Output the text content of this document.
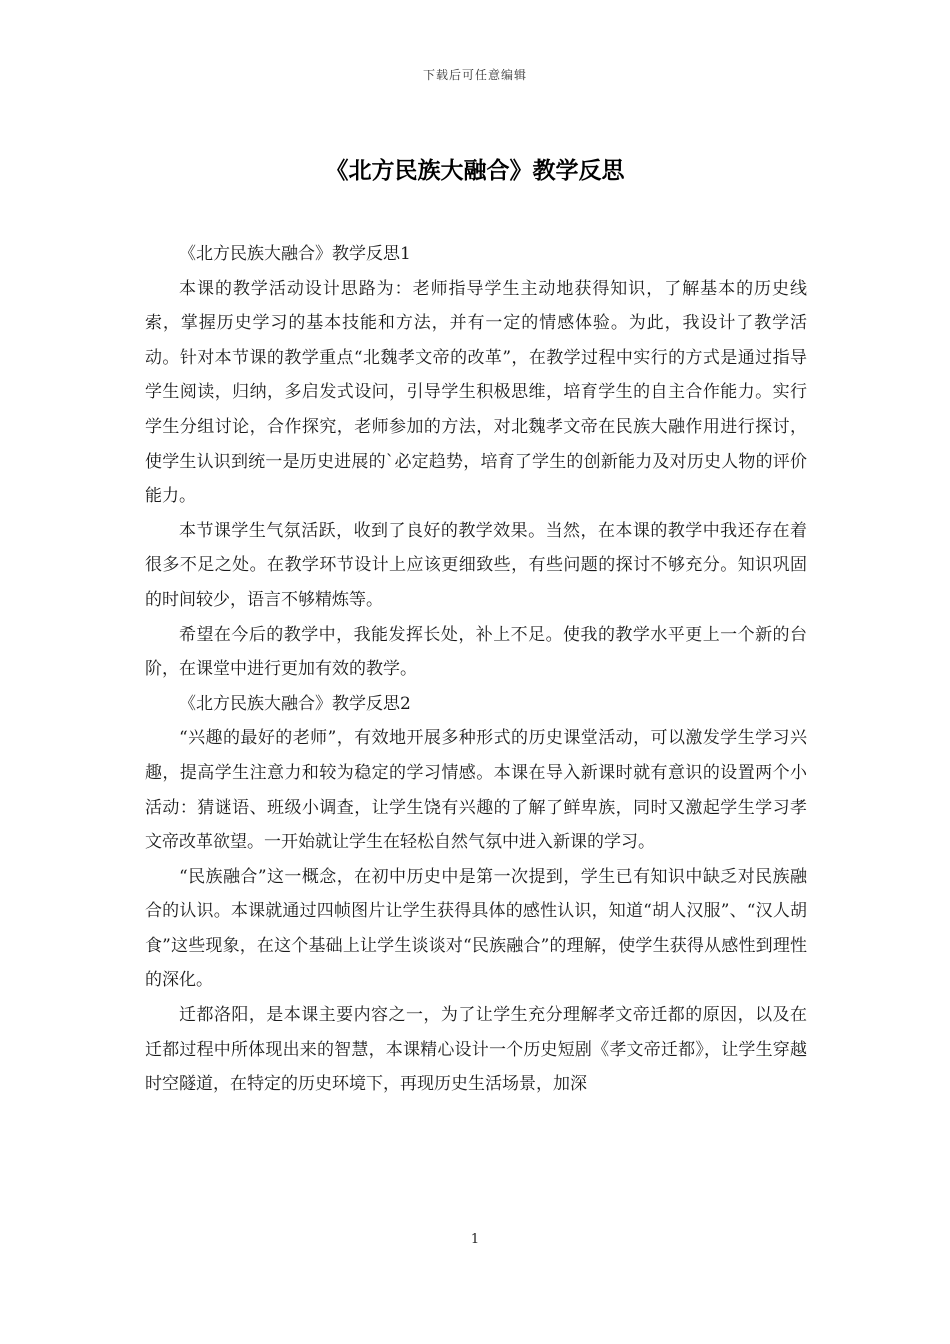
下载后可任意编辑
《北方民族大融合》教学反思

《北方民族大融合》教学反思1

本课的教学活动设计思路为：老师指导学生主动地获得知识，了解基本的历史线索，掌握历史学习的基本技能和方法，并有一定的情感体验。为此，我设计了教学活动。针对本节课的教学重点“北魏孝文帝的改革”，在教学过程中实行的方式是通过指导学生阅读，归纳，多启发式设问，引导学生积极思维，培育学生的自主合作能力。实行学生分组讨论，合作探究，老师参加的方法，对北魏孝文帝在民族大融作用进行探讨，使学生认识到统一是历史进展的`必定趋势，培育了学生的创新能力及对历史人物的评价能力。

本节课学生气氛活跃，收到了良好的教学效果。当然，在本课的教学中我还存在着很多不足之处。在教学环节设计上应该更细致些，有些问题的探讨不够充分。知识巩固的时间较少，语言不够精炼等。

希望在今后的教学中，我能发挥长处，补上不足。使我的教学水平更上一个新的台阶，在课堂中进行更加有效的教学。

《北方民族大融合》教学反思2

“兴趣的最好的老师”，有效地开展多种形式的历史课堂活动，可以激发学生学习兴趣，提高学生注意力和较为稳定的学习情感。本课在导入新课时就有意识的设置两个小活动：猜谜语、班级小调查，让学生饶有兴趣的了解了鲜卑族，同时又激起学生学习孝文帝改革欲望。一开始就让学生在轻松自然气氛中进入新课的学习。

“民族融合”这一概念，在初中历史中是第一次提到，学生已有知识中缺乏对民族融合的认识。本课就通过四帧图片让学生获得具体的感性认识，知道“胡人汉服”、“汉人胡食”这些现象，在这个基础上让学生谈谈对“民族融合”的理解，使学生获得从感性到理性的深化。

迁都洛阳，是本课主要内容之一，为了让学生充分理解孝文帝迁都的原因，以及在迁都过程中所体现出来的智慧，本课精心设计一个历史短剧《孝文帝迁都》，让学生穿越时空隧道，在特定的历史环境下，再现历史生活场景，加深

1
